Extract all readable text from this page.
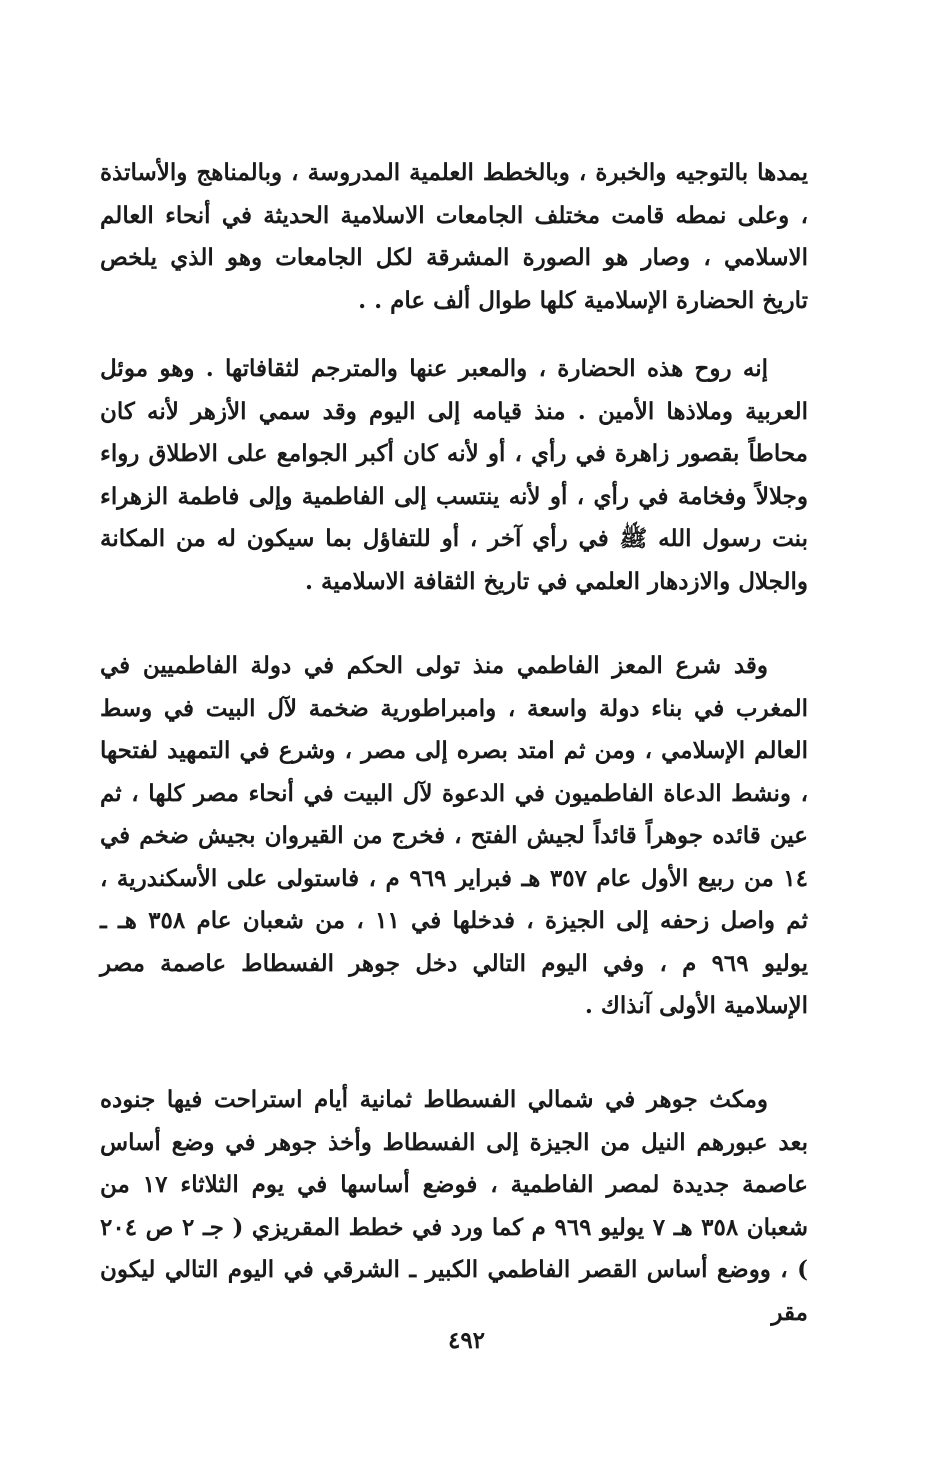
يمدها بالتوجيه والخبرة ، وبالخطط العلمية المدروسة ، وبالمناهج والأساتذة ، وعلى نمطه قامت مختلف الجامعات الاسلامية الحديثة في أنحاء العالم الاسلامي ، وصار هو الصورة المشرقة لكل الجامعات وهو الذي يلخص تاريخ الحضارة الإسلامية كلها طوال ألف عام . .

إنه روح هذه الحضارة ، والمعبر عنها والمترجم لثقافاتها . وهو موئل العربية وملاذها الأمين . منذ قيامه إلى اليوم وقد سمي الأزهر لأنه كان محاطاً بقصور زاهرة في رأي ، أو لأنه كان أكبر الجوامع على الاطلاق رواء وجلالاً وفخامة في رأي ، أو لأنه ينتسب إلى الفاطمية وإلى فاطمة الزهراء بنت رسول الله ﷺ في رأي آخر ، أو للتفاؤل بما سيكون له من المكانة والجلال والازدهار العلمي في تاريخ الثقافة الاسلامية .

وقد شرع المعز الفاطمي منذ تولى الحكم في دولة الفاطميين في المغرب في بناء دولة واسعة ، وامبراطورية ضخمة لآل البيت في وسط العالم الإسلامي ، ومن ثم امتد بصره إلى مصر ، وشرع في التمهيد لفتحها ، ونشط الدعاة الفاطميون في الدعوة لآل البيت في أنحاء مصر كلها ، ثم عين قائده جوهراً قائداً لجيش الفتح ، فخرج من القيروان بجيش ضخم في ١٤ من ربيع الأول عام ٣٥٧ هـ فبراير ٩٦٩ م ، فاستولى على الأسكندرية ، ثم واصل زحفه إلى الجيزة ، فدخلها في ١١ ، من شعبان عام ٣٥٨ هـ ـ يوليو ٩٦٩ م ، وفي اليوم التالي دخل جوهر الفسطاط عاصمة مصر الإسلامية الأولى آنذاك .

ومكث جوهر في شمالي الفسطاط ثمانية أيام استراحت فيها جنوده بعد عبورهم النيل من الجيزة إلى الفسطاط وأخذ جوهر في وضع أساس عاصمة جديدة لمصر الفاطمية ، فوضع أساسها في يوم الثلاثاء ١٧ من شعبان ٣٥٨ هـ ٧ يوليو ٩٦٩ م كما ورد في خطط المقريزي ( جـ ٢ ص ٢٠٤ ) ، ووضع أساس القصر الفاطمي الكبير ـ الشرقي في اليوم التالي ليكون مقر

٤٩٢
